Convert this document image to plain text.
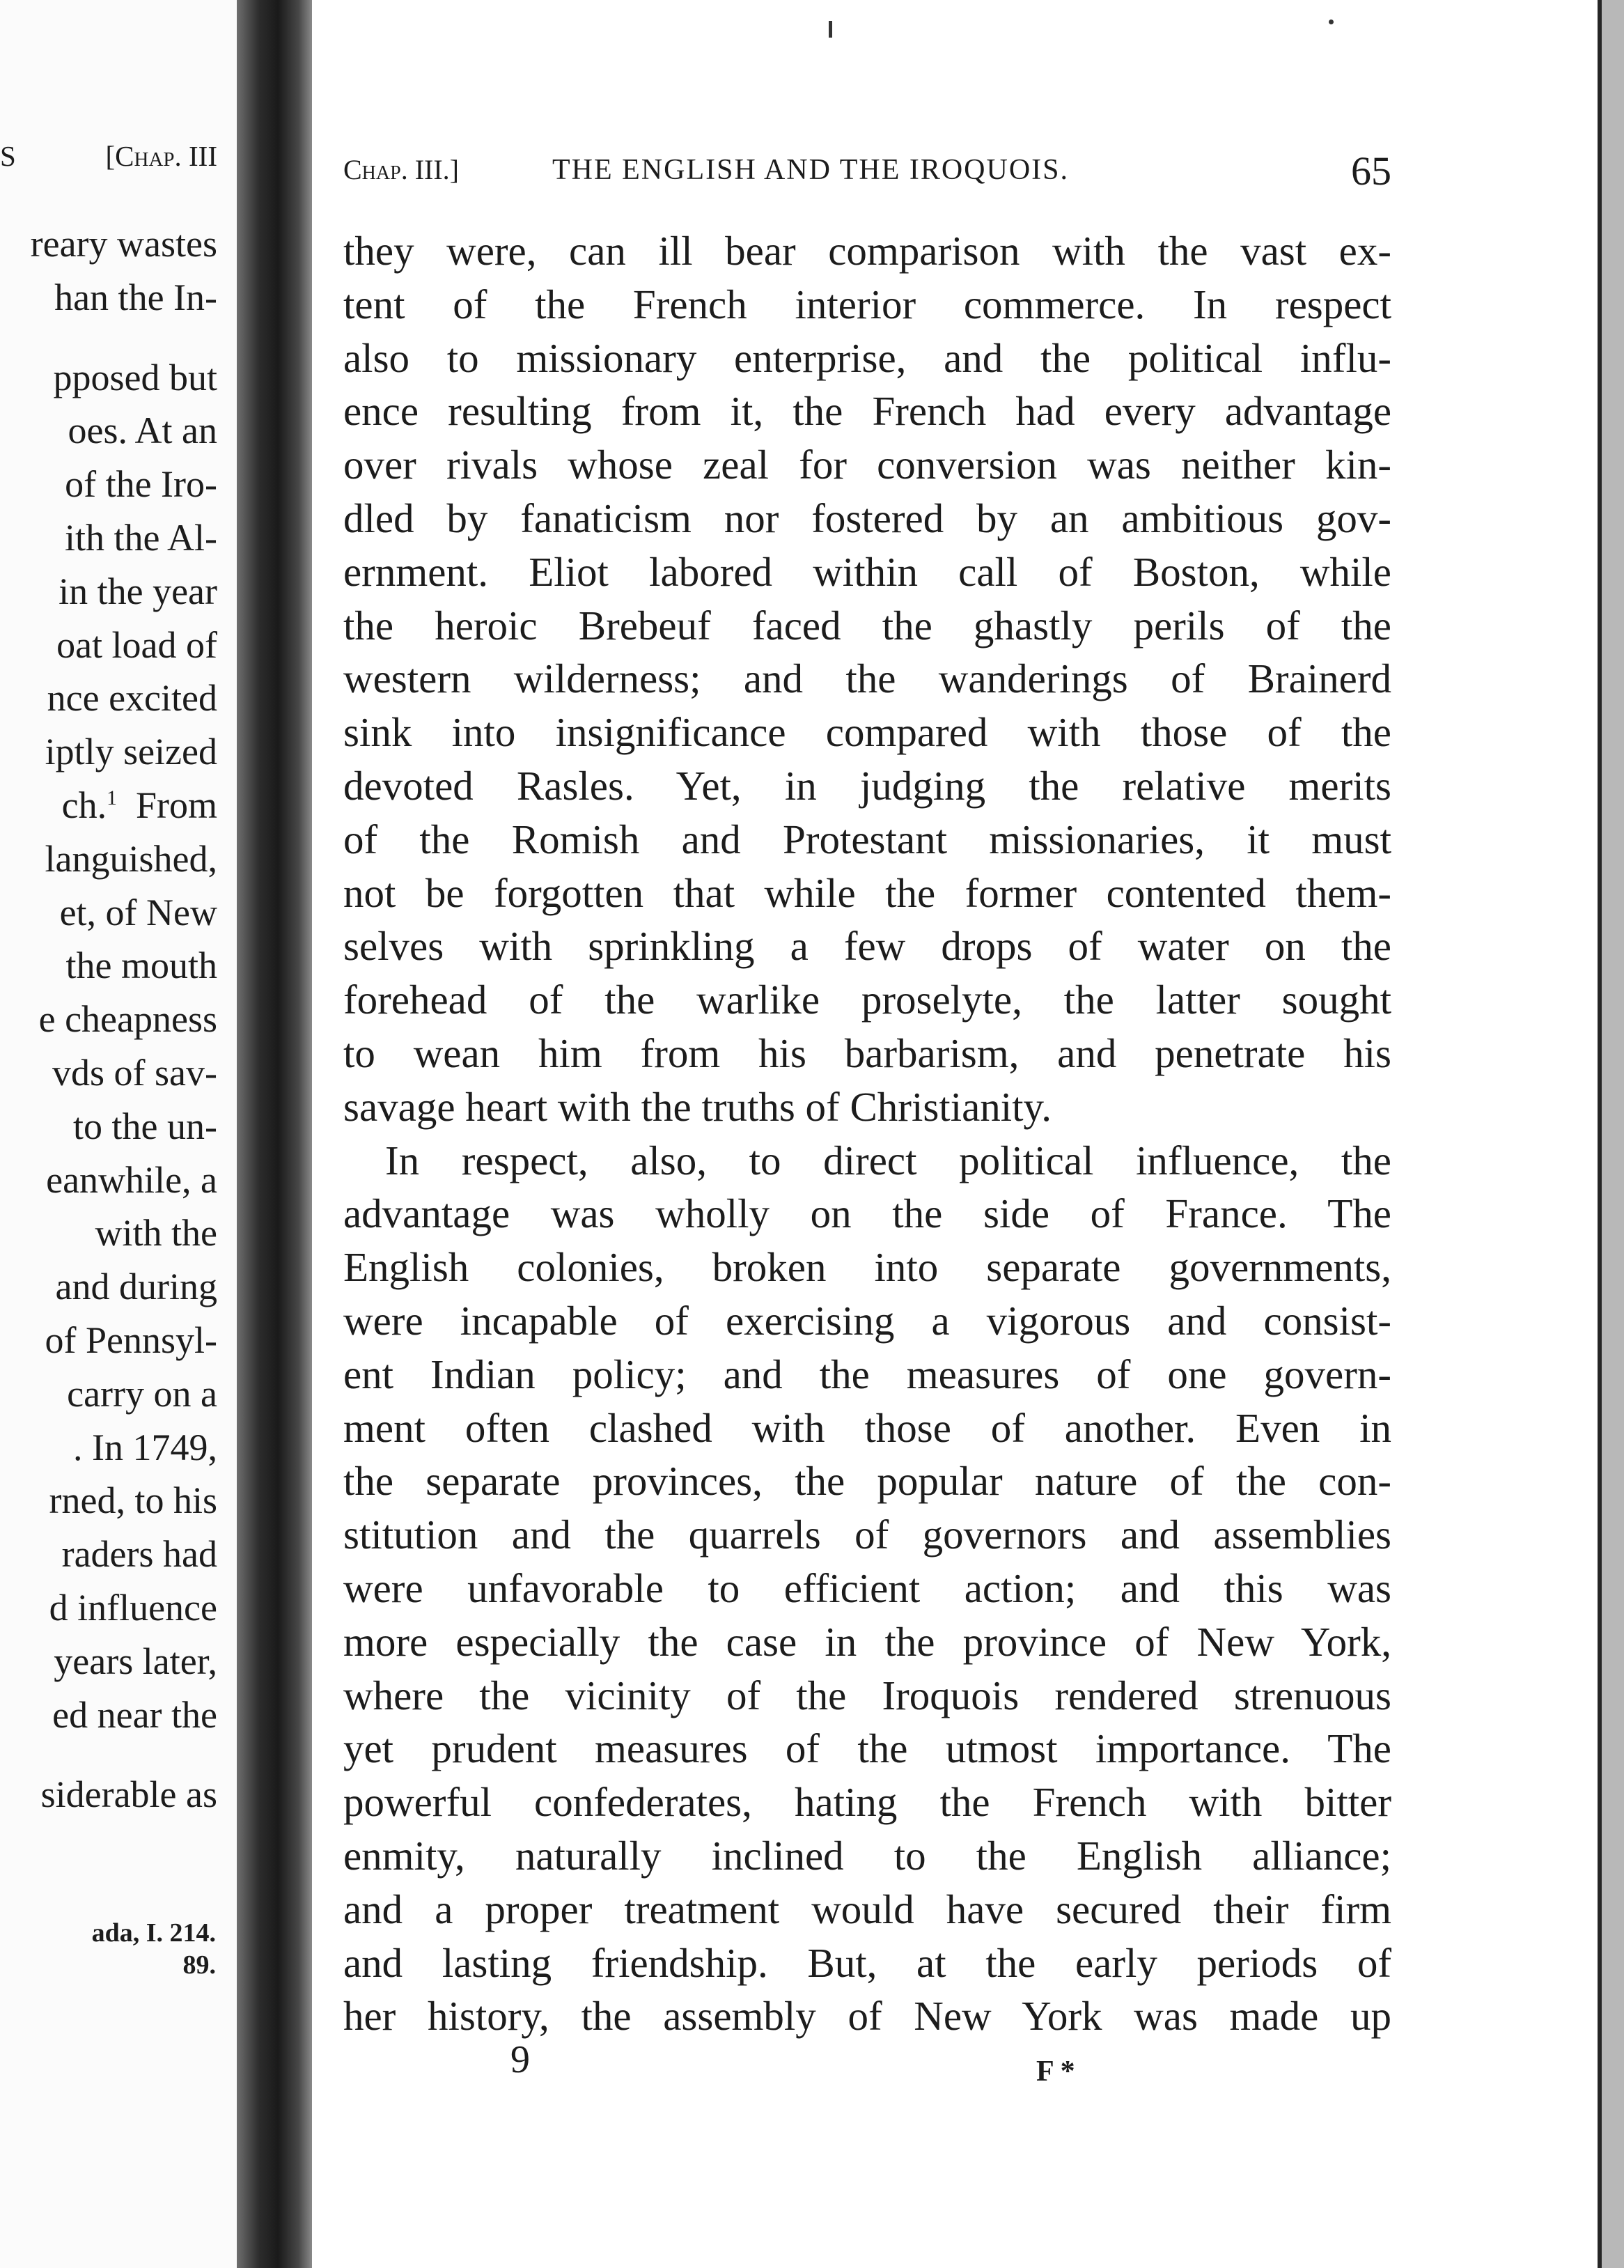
S	[Chap. III
reary wastes
han the In-
pposed but
oes. At an
of the Iro-
ith the Al-
in the year
oat load of
nce excited
iptly seized
ch.$^1$  From
languished,
et, of New
the mouth
e cheapness
vds of sav-
to the un-
eanwhile, a
with the
and during
of Pennsyl-
carry on a
. In 1749,
rned, to his
raders had
d influence
years later,
ed near the
siderable as
ada, I. 214.
89.
Chap. III.]	THE ENGLISH AND THE IROQUOIS.	65
they were, can ill bear comparison with the vast ex-
tent of the French interior commerce. In respect
also to missionary enterprise, and the political influ-
ence resulting from it, the French had every advantage
over rivals whose zeal for conversion was neither kin-
dled by fanaticism nor fostered by an ambitious gov-
ernment. Eliot labored within call of Boston, while
the heroic Brebeuf faced the ghastly perils of the
western wilderness; and the wanderings of Brainerd
sink into insignificance compared with those of the
devoted Rasles. Yet, in judging the relative merits
of the Romish and Protestant missionaries, it must
not be forgotten that while the former contented them-
selves with sprinkling a few drops of water on the
forehead of the warlike proselyte, the latter sought
to wean him from his barbarism, and penetrate his
savage heart with the truths of Christianity.
In respect, also, to direct political influence, the
advantage was wholly on the side of France. The
English colonies, broken into separate governments,
were incapable of exercising a vigorous and consist-
ent Indian policy; and the measures of one govern-
ment often clashed with those of another. Even in
the separate provinces, the popular nature of the con-
stitution and the quarrels of governors and assemblies
were unfavorable to efficient action; and this was
more especially the case in the province of New York,
where the vicinity of the Iroquois rendered strenuous
yet prudent measures of the utmost importance. The
powerful confederates, hating the French with bitter
enmity, naturally inclined to the English alliance;
and a proper treatment would have secured their firm
and lasting friendship. But, at the early periods of
her history, the assembly of New York was made up
9	F *
